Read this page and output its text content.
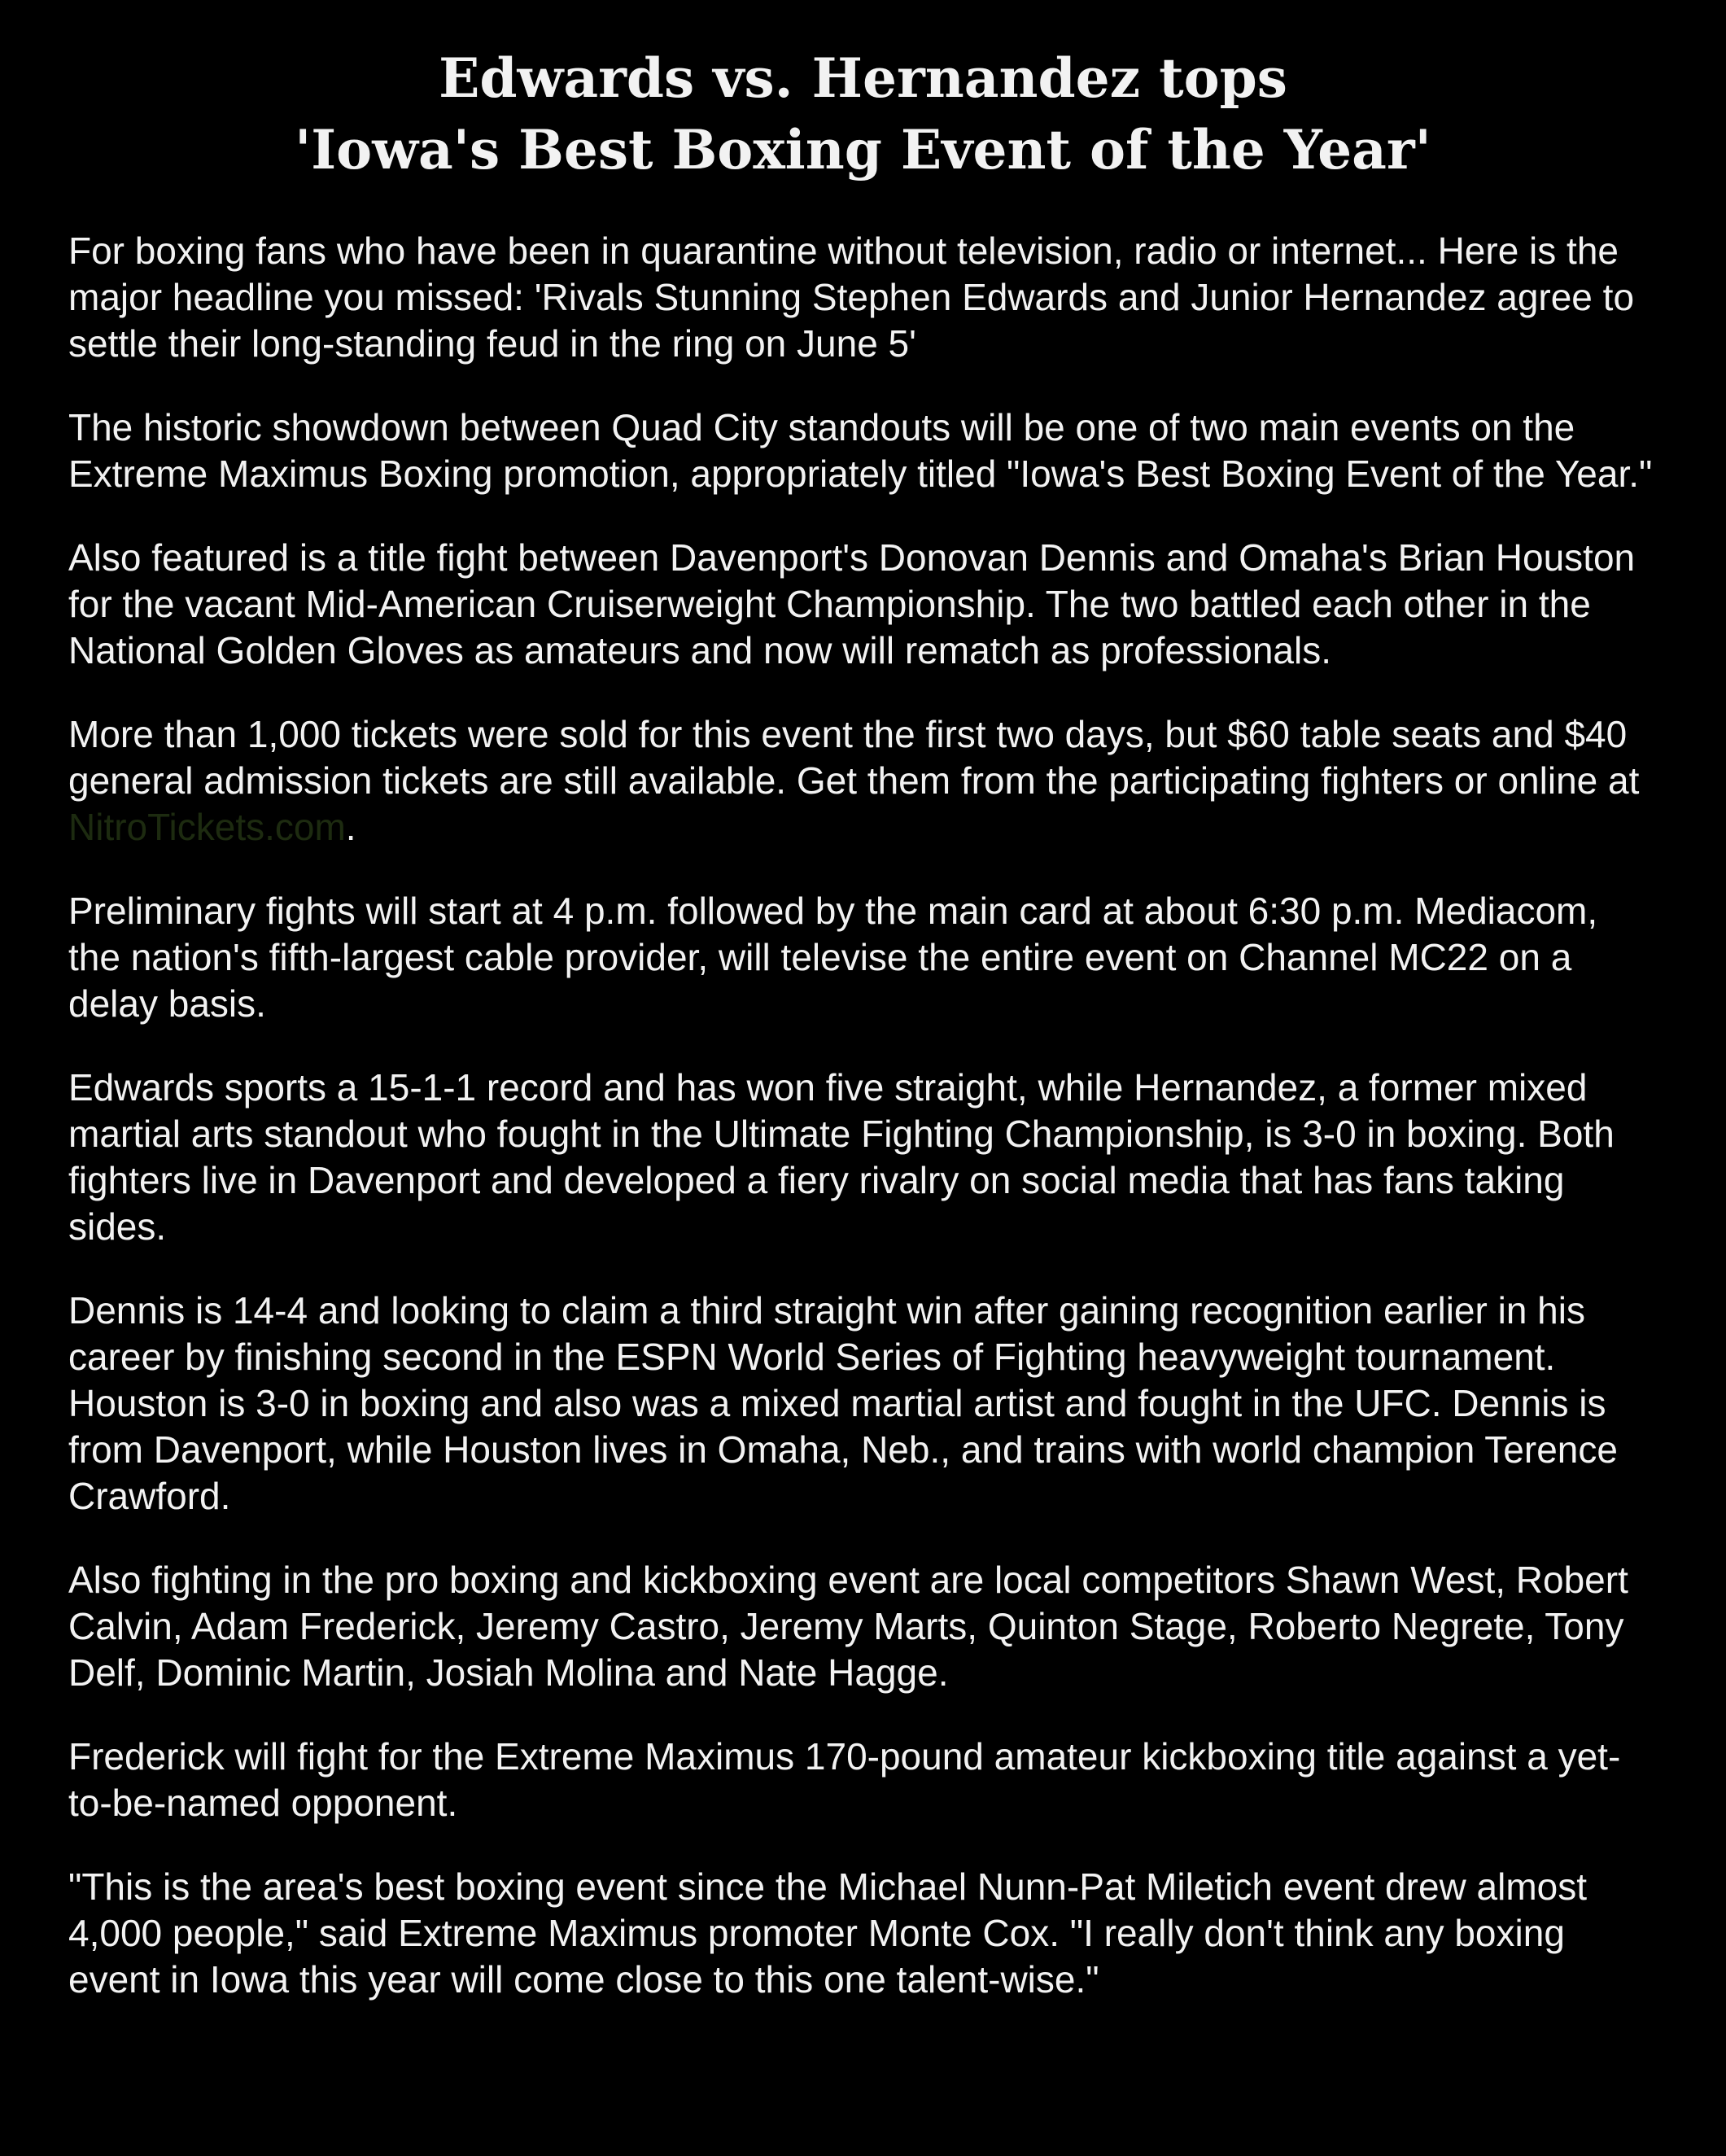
Edwards vs. Hernandez tops
'Iowa's Best Boxing Event of the Year'

For boxing fans who have been in quarantine without television, radio or internet... Here is the major headline you missed: 'Rivals Stunning Stephen Edwards and Junior Hernandez agree to settle their long-standing feud in the ring on June 5'

The historic showdown between Quad City standouts will be one of two main events on the Extreme Maximus Boxing promotion, appropriately titled "Iowa's Best Boxing Event of the Year."

Also featured is a title fight between Davenport's Donovan Dennis and Omaha's Brian Houston for the vacant Mid-American Cruiserweight Championship. The two battled each other in the National Golden Gloves as amateurs and now will rematch as professionals.

More than 1,000 tickets were sold for this event the first two days, but $60 table seats and $40 general admission tickets are still available. Get them from the participating fighters or online at NitroTickets.com.

Preliminary fights will start at 4 p.m. followed by the main card at about 6:30 p.m. Mediacom, the nation's fifth-largest cable provider, will televise the entire event on Channel MC22 on a delay basis.

Edwards sports a 15-1-1 record and has won five straight, while Hernandez, a former mixed martial arts standout who fought in the Ultimate Fighting Championship, is 3-0 in boxing. Both fighters live in Davenport and developed a fiery rivalry on social media that has fans taking sides.

Dennis is 14-4 and looking to claim a third straight win after gaining recognition earlier in his career by finishing second in the ESPN World Series of Fighting heavyweight tournament. Houston is 3-0 in boxing and also was a mixed martial artist and fought in the UFC. Dennis is from Davenport, while Houston lives in Omaha, Neb., and trains with world champion Terence Crawford.

Also fighting in the pro boxing and kickboxing event are local competitors Shawn West, Robert Calvin, Adam Frederick, Jeremy Castro, Jeremy Marts, Quinton Stage, Roberto Negrete, Tony Delf, Dominic Martin, Josiah Molina and Nate Hagge.

Frederick will fight for the Extreme Maximus 170-pound amateur kickboxing title against a yet-to-be-named opponent.

"This is the area's best boxing event since the Michael Nunn-Pat Miletich event drew almost 4,000 people," said Extreme Maximus promoter Monte Cox. "I really don't think any boxing event in Iowa this year will come close to this one talent-wise."
